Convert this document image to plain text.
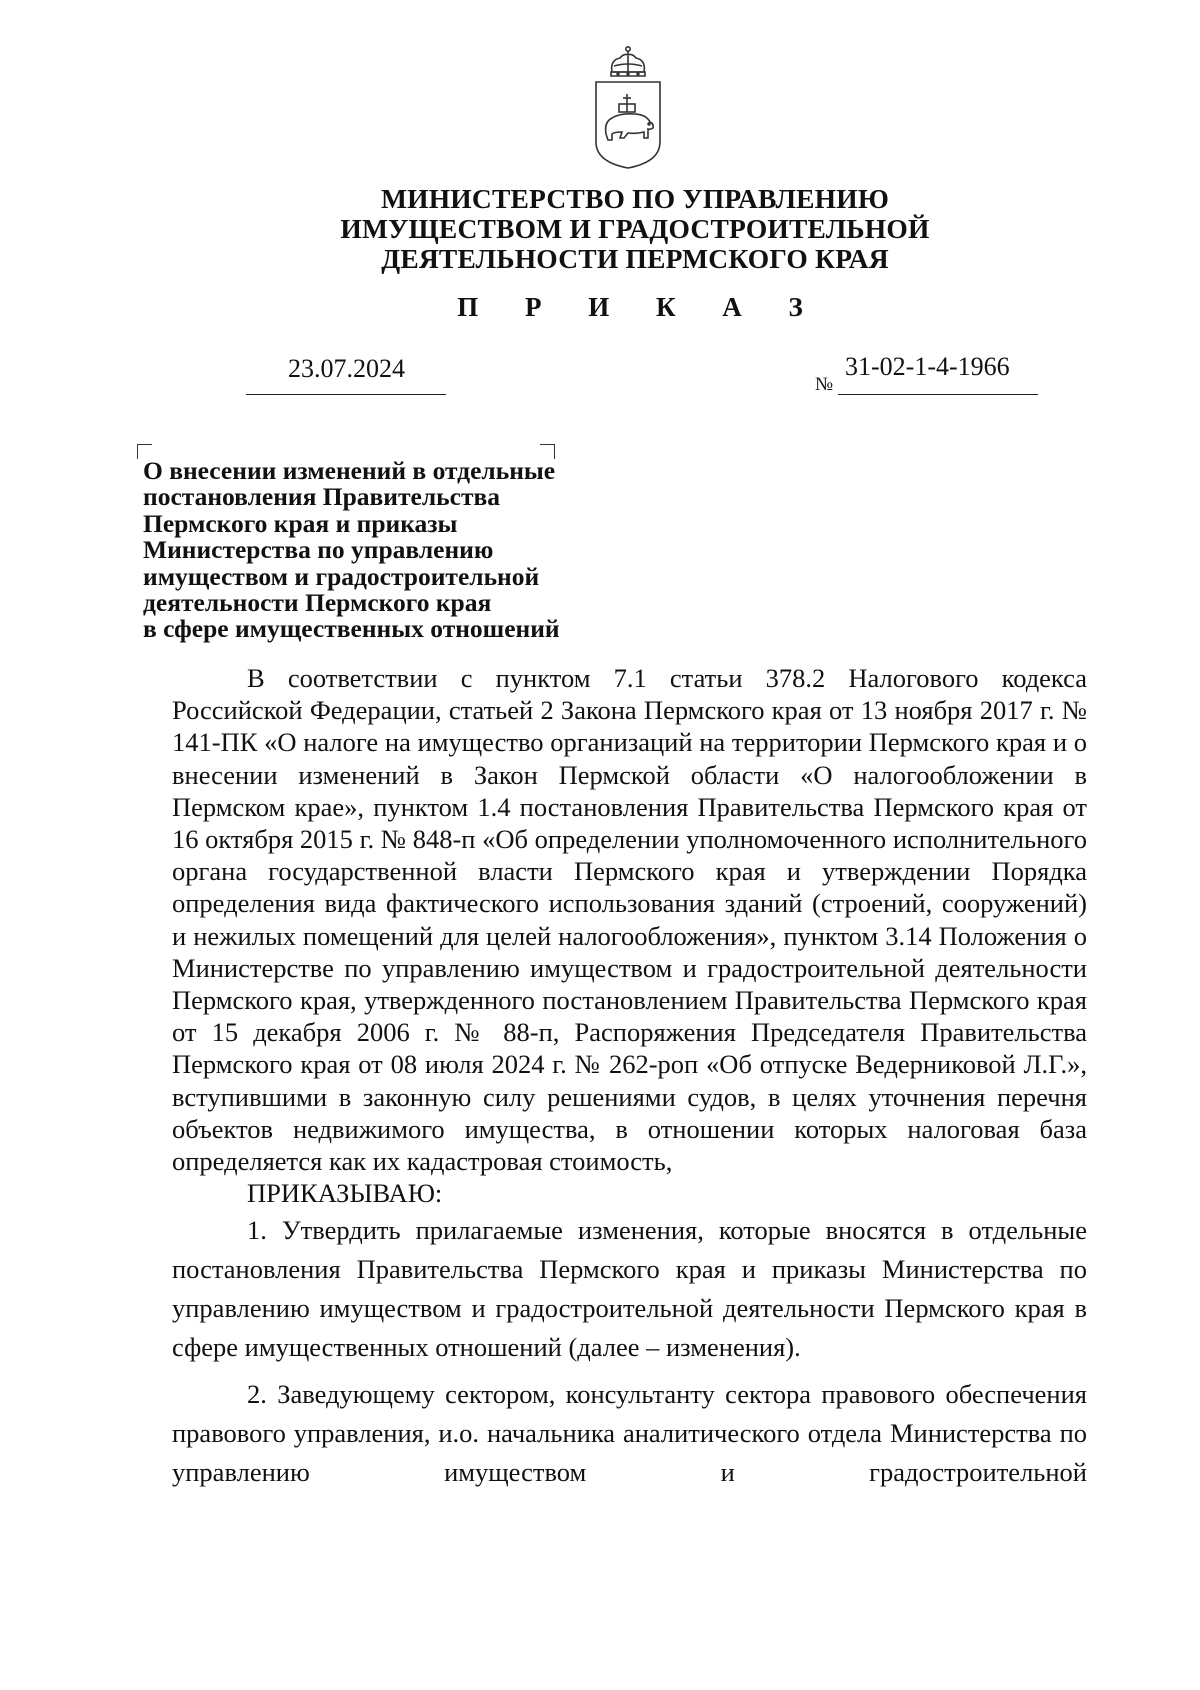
МИНИСТЕРСТВО ПО УПРАВЛЕНИЮ
ИМУЩЕСТВОМ И ГРАДОСТРОИТЕЛЬНОЙ
ДЕЯТЕЛЬНОСТИ ПЕРМСКОГО КРАЯ
П Р И К А З
23.07.2024
№
31-02-1-4-1966
О внесении изменений в отдельные
постановления Правительства
Пермского края и приказы
Министерства по управлению
имуществом и градостроительной
деятельности Пермского края
в сфере имущественных отношений
В соответствии с пунктом 7.1 статьи 378.2 Налогового кодекса Российской Федерации, статьей 2 Закона Пермского края от 13 ноября 2017 г. № 141-ПК «О налоге на имущество организаций на территории Пермского края и о внесении изменений в Закон Пермской области «О налогообложении в Пермском крае», пунктом 1.4 постановления Правительства Пермского края от 16 октября 2015 г. № 848-п «Об определении уполномоченного исполнительного органа государственной власти Пермского края и утверждении Порядка определения вида фактического использования зданий (строений, сооружений) и нежилых помещений для целей налогообложения», пунктом 3.14 Положения о Министерстве по управлению имуществом и градостроительной деятельности Пермского края, утвержденного постановлением Правительства Пермского края от 15 декабря 2006 г. № 88-п, Распоряжения Председателя Правительства Пермского края от 08 июля 2024 г. № 262-роп «Об отпуске Ведерниковой Л.Г.», вступившими в законную силу решениями судов, в целях уточнения перечня объектов недвижимого имущества, в отношении которых налоговая база определяется как их кадастровая стоимость,
ПРИКАЗЫВАЮ:
1. Утвердить прилагаемые изменения, которые вносятся в отдельные постановления Правительства Пермского края и приказы Министерства по управлению имуществом и градостроительной деятельности Пермского края в сфере имущественных отношений (далее – изменения).
2. Заведующему сектором, консультанту сектора правового обеспечения правового управления, и.о. начальника аналитического отдела Министерства по управлению имуществом и градостроительной
